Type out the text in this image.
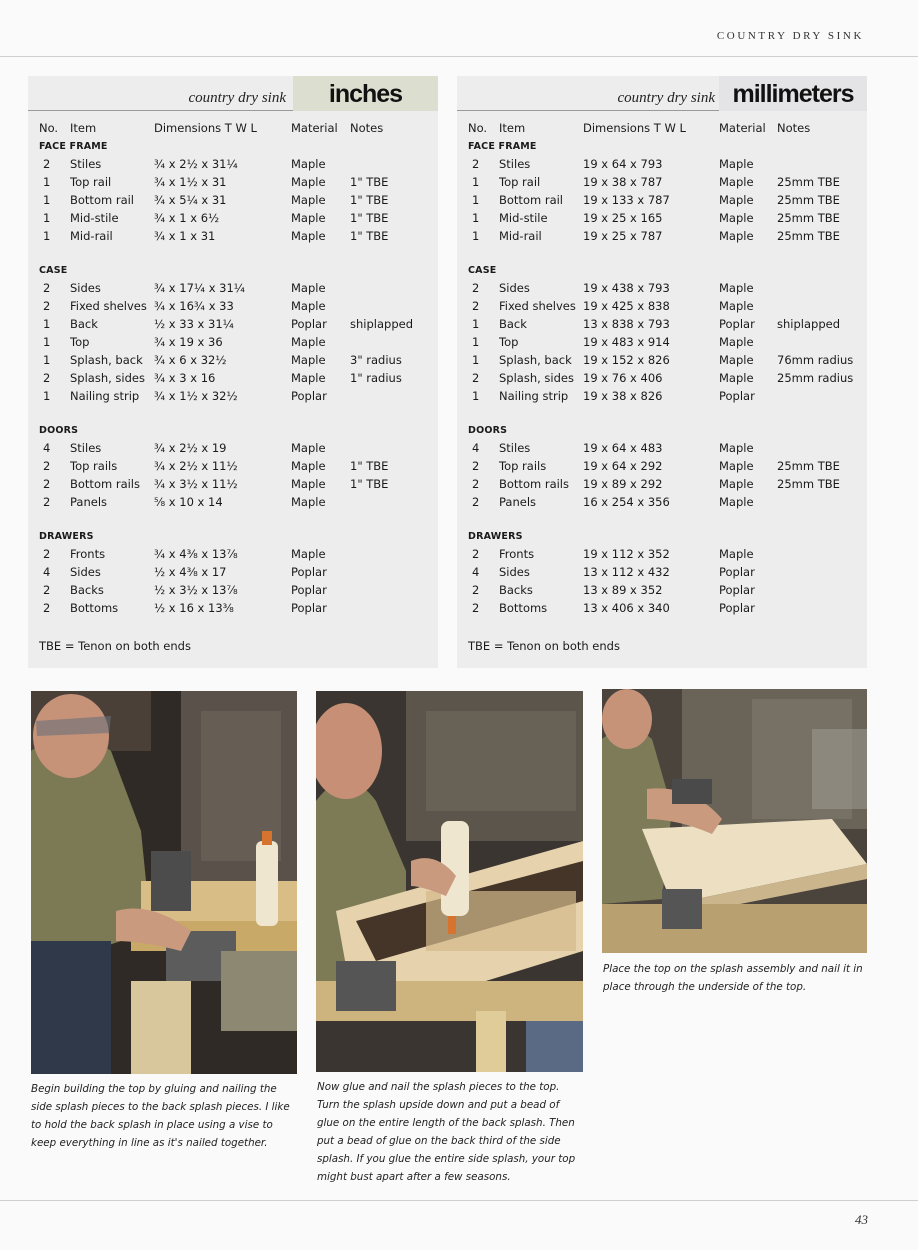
COUNTRY DRY SINK
country dry sink	inches
No. Item	Dimensions T W L	Material Notes
FACE FRAME
2 Stiles	¾ x 2½ x 31¼	Maple
1 Top rail	¾ x 1½ x 31	Maple 1" TBE
1 Bottom rail ¾ x 5¼ x 31	Maple 1" TBE
1 Mid-stile	¾ x 1 x 6½	Maple 1" TBE
1 Mid-rail	¾ x 1 x 31	Maple 1" TBE
CASE
2 Sides	¾ x 17¼ x 31¼	Maple
2 Fixed shelves ¾ x 16¾ x 33	Maple
1 Back	½ x 33 x 31¼	Poplar shiplapped
1 Top	¾ x 19 x 36	Maple
1 Splash, back ¾ x 6 x 32½	Maple 3" radius
2 Splash, sides ¾ x 3 x 16	Maple 1" radius
1 Nailing strip ¾ x 1½ x 32½	Poplar
DOORS
4 Stiles	¾ x 2½ x 19	Maple
2 Top rails	¾ x 2½ x 11½	Maple 1" TBE
2 Bottom rails ¾ x 3½ x 11½	Maple 1" TBE
2 Panels	⅝ x 10 x 14	Maple
DRAWERS
2 Fronts	¾ x 4⅜ x 13⅞	Maple
4 Sides	½ x 4⅜ x 17	Poplar
2 Backs	½ x 3½ x 13⅞	Poplar
2 Bottoms	½ x 16 x 13⅜	Poplar
TBE = Tenon on both ends
country dry sink millimeters
No. Item	Dimensions T W L	Material Notes
FACE FRAME
2 Stiles	19 x 64 x 793	Maple
1 Top rail	19 x 38 x 787	Maple 25mm TBE
1 Bottom rail 19 x 133 x 787	Maple 25mm TBE
1 Mid-stile	19 x 25 x 165	Maple 25mm TBE
1 Mid-rail	19 x 25 x 787	Maple 25mm TBE
CASE
2 Sides	19 x 438 x 793	Maple
2 Fixed shelves 19 x 425 x 838	Maple
1 Back	13 x 838 x 793	Poplar shiplapped
1 Top	19 x 483 x 914	Maple
1 Splash, back 19 x 152 x 826	Maple 76mm radius
2 Splash, sides 19 x 76 x 406	Maple 25mm radius
1 Nailing strip 19 x 38 x 826	Poplar
DOORS
4 Stiles	19 x 64 x 483	Maple
2 Top rails	19 x 64 x 292	Maple 25mm TBE
2 Bottom rails 19 x 89 x 292	Maple 25mm TBE
2 Panels	16 x 254 x 356	Maple
DRAWERS
2 Fronts	19 x 112 x 352	Maple
4 Sides	13 x 112 x 432	Poplar
2 Backs	13 x 89 x 352	Poplar
2 Bottoms	13 x 406 x 340	Poplar
TBE = Tenon on both ends
Begin building the top by gluing and nailing the side splash pieces to the back splash pieces. I like to hold the back splash in place using a vise to keep everything in line as it's nailed together.
Now glue and nail the splash pieces to the top. Turn the splash upside down and put a bead of glue on the entire length of the back splash. Then put a bead of glue on the back third of the side splash. If you glue the entire side splash, your top might bust apart after a few seasons.
Place the top on the splash assembly and nail it in place through the underside of the top.
43
